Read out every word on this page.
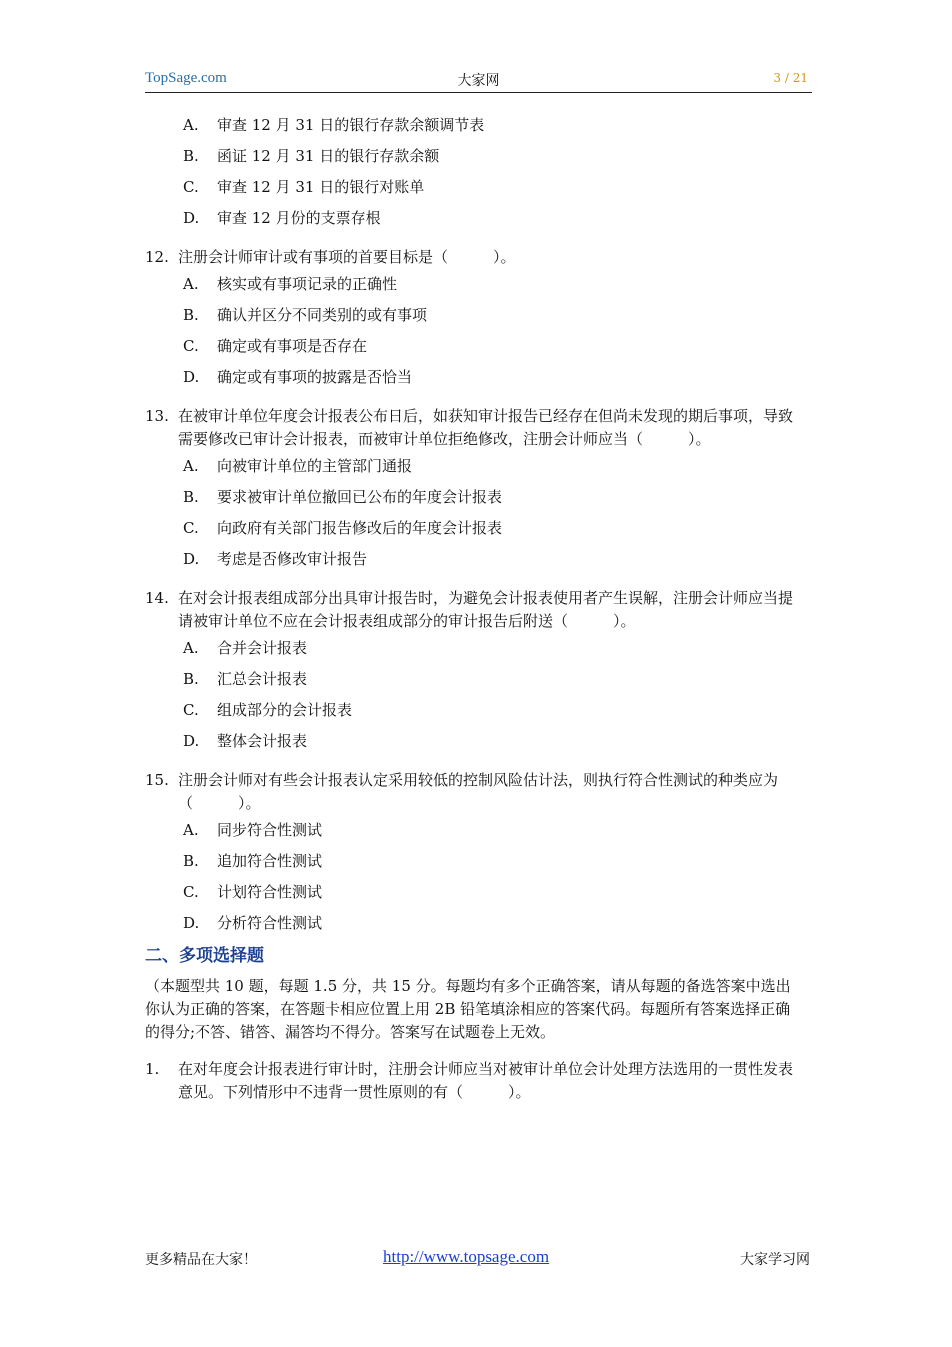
TopSage.com	大家网	3 / 21
A. 审查 12 月 31 日的银行存款余额调节表
B. 函证 12 月 31 日的银行存款余额
C. 审查 12 月 31 日的银行对账单
D. 审查 12 月份的支票存根
12. 注册会计师审计或有事项的首要目标是（　　　）。
A. 核实或有事项记录的正确性
B. 确认并区分不同类别的或有事项
C. 确定或有事项是否存在
D. 确定或有事项的披露是否恰当
13. 在被审计单位年度会计报表公布日后，如获知审计报告已经存在但尚未发现的期后事项，导致需要修改已审计会计报表，而被审计单位拒绝修改，注册会计师应当（　　　）。
A. 向被审计单位的主管部门通报
B. 要求被审计单位撤回已公布的年度会计报表
C. 向政府有关部门报告修改后的年度会计报表
D. 考虑是否修改审计报告
14. 在对会计报表组成部分出具审计报告时，为避免会计报表使用者产生误解，注册会计师应当提请被审计单位不应在会计报表组成部分的审计报告后附送（　　　）。
A. 合并会计报表
B. 汇总会计报表
C. 组成部分的会计报表
D. 整体会计报表
15. 注册会计师对有些会计报表认定采用较低的控制风险估计法，则执行符合性测试的种类应为（　　　）。
A. 同步符合性测试
B. 追加符合性测试
C. 计划符合性测试
D. 分析符合性测试
二、多项选择题
（本题型共 10 题，每题 1.5 分，共 15 分。每题均有多个正确答案，请从每题的备选答案中选出你认为正确的答案，在答题卡相应位置上用 2B 铅笔填涂相应的答案代码。每题所有答案选择正确的得分;不答、错答、漏答均不得分。答案写在试题卷上无效。
1. 在对年度会计报表进行审计时，注册会计师应当对被审计单位会计处理方法选用的一贯性发表意见。下列情形中不违背一贯性原则的有（　　　）。
更多精品在大家！	http://www.topsage.com	大家学习网
